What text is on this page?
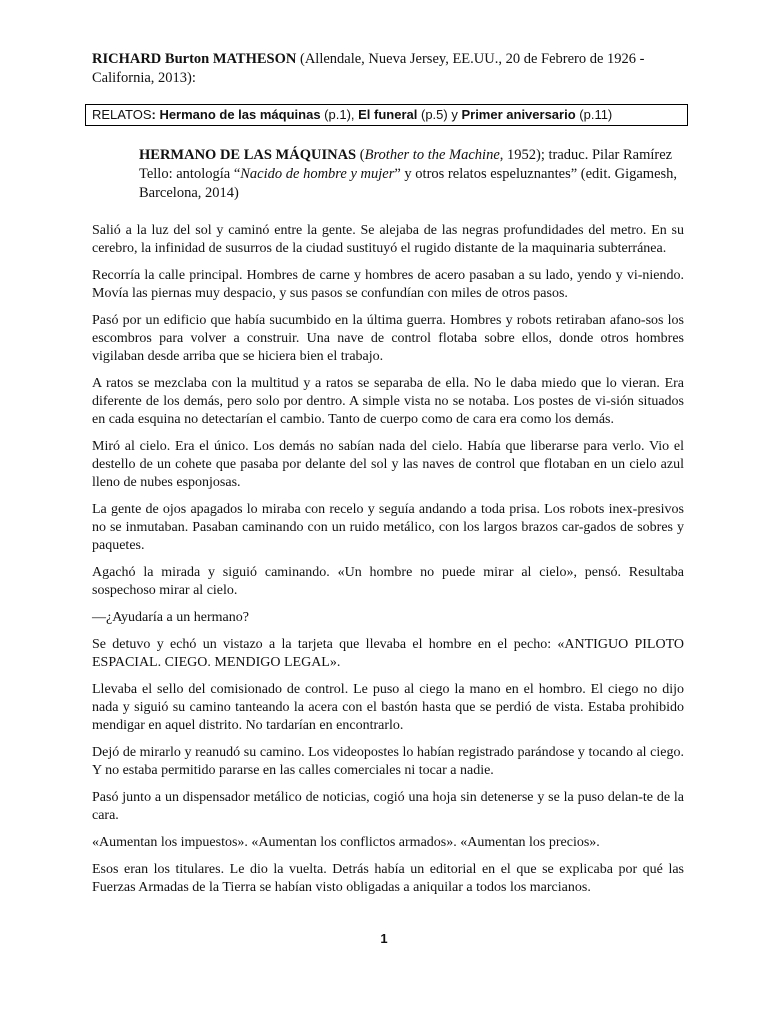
RICHARD Burton MATHESON (Allendale, Nueva Jersey, EE.UU., 20 de Febrero de 1926 - California, 2013):
RELATOS: Hermano de las máquinas (p.1), El funeral (p.5) y Primer aniversario (p.11)
HERMANO DE LAS MÁQUINAS (Brother to the Machine, 1952); traduc. Pilar Ramírez Tello: antología “Nacido de hombre y mujer” y otros relatos espeluznantes” (edit. Gigamesh, Barcelona, 2014)

Salió a la luz del sol y caminó entre la gente. Se alejaba de las negras profundidades del metro. En su cerebro, la infinidad de susurros de la ciudad sustituyó el rugido distante de la maquinaria subterránea.

Recorría la calle principal. Hombres de carne y hombres de acero pasaban a su lado, yendo y vi-niendo. Movía las piernas muy despacio, y sus pasos se confundían con miles de otros pasos.

Pasó por un edificio que había sucumbido en la última guerra. Hombres y robots retiraban afano-sos los escombros para volver a construir. Una nave de control flotaba sobre ellos, donde otros hombres vigilaban desde arriba que se hiciera bien el trabajo.

A ratos se mezclaba con la multitud y a ratos se separaba de ella. No le daba miedo que lo vieran. Era diferente de los demás, pero solo por dentro. A simple vista no se notaba. Los postes de vi-sión situados en cada esquina no detectarían el cambio. Tanto de cuerpo como de cara era como los demás.

Miró al cielo. Era el único. Los demás no sabían nada del cielo. Había que liberarse para verlo. Vio el destello de un cohete que pasaba por delante del sol y las naves de control que flotaban en un cielo azul lleno de nubes esponjosas.

La gente de ojos apagados lo miraba con recelo y seguía andando a toda prisa. Los robots inex-presivos no se inmutaban. Pasaban caminando con un ruido metálico, con los largos brazos car-gados de sobres y paquetes.

Agachó la mirada y siguió caminando. «Un hombre no puede mirar al cielo», pensó. Resultaba sospechoso mirar al cielo.

—¿Ayudaría a un hermano?

Se detuvo y echó un vistazo a la tarjeta que llevaba el hombre en el pecho: «ANTIGUO PILOTO ESPACIAL. CIEGO. MENDIGO LEGAL».

Llevaba el sello del comisionado de control. Le puso al ciego la mano en el hombro. El ciego no dijo nada y siguió su camino tanteando la acera con el bastón hasta que se perdió de vista. Estaba prohibido mendigar en aquel distrito. No tardarían en encontrarlo.

Dejó de mirarlo y reanudó su camino. Los videopostes lo habían registrado parándose y tocando al ciego. Y no estaba permitido pararse en las calles comerciales ni tocar a nadie.

Pasó junto a un dispensador metálico de noticias, cogió una hoja sin detenerse y se la puso delan-te de la cara.

«Aumentan los impuestos». «Aumentan los conflictos armados». «Aumentan los precios».

Esos eran los titulares. Le dio la vuelta. Detrás había un editorial en el que se explicaba por qué las Fuerzas Armadas de la Tierra se habían visto obligadas a aniquilar a todos los marcianos.

1
